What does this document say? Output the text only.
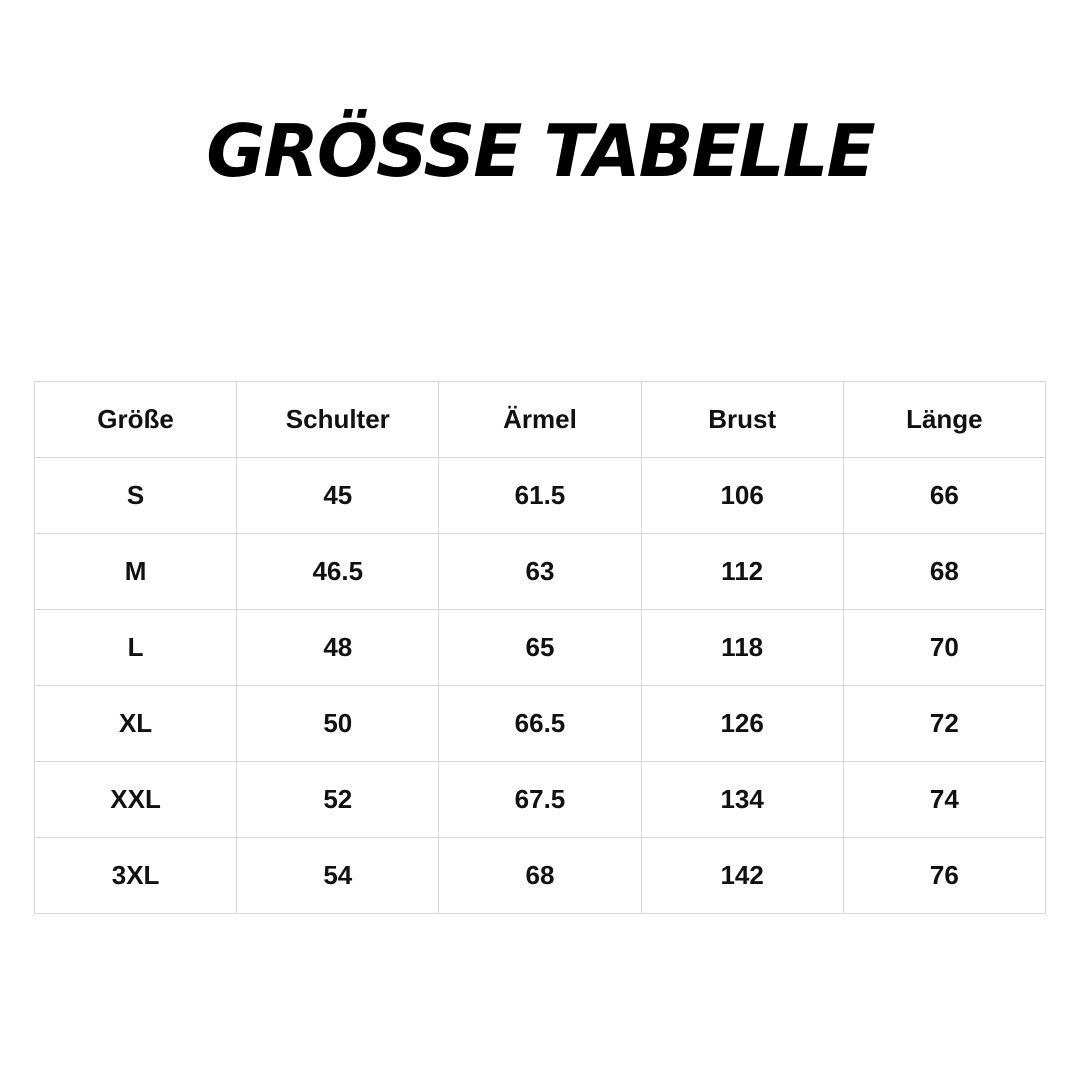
GRÖSSE TABELLE
Größe	Schulter	Ärmel	Brust	Länge
S	45	61.5	106	66
M	46.5	63	112	68
L	48	65	118	70
XL	50	66.5	126	72
XXL	52	67.5	134	74
3XL	54	68	142	76
